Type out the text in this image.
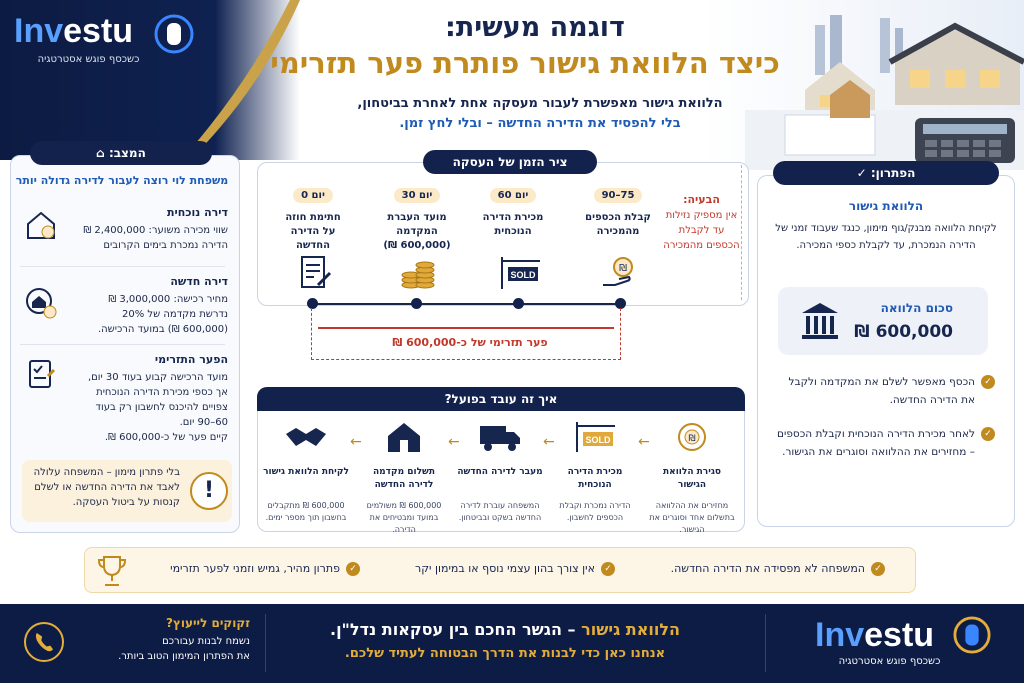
Investu
כשכסף פוגש אסטרטגיה
דוגמה מעשית:
כיצד הלוואת גישור פותרת פער תזרימי
הלוואת גישור מאפשרת לעבור מעסקה אחת לאחרת בביטחון,
בלי להפסיד את הדירה החדשה – ובלי לחץ זמן.
המצב: ⌂
משפחת לוי רוצה לעבור לדירה גדולה יותר
דירה נוכחית
שווי מכירה משוער: 2,400,000 ₪
הדירה נמכרת בימים הקרובים
דירה חדשה
מחיר רכישה: 3,000,000 ₪
נדרשת מקדמה של 20%
(600,000 ₪) במועד הרכישה.
הפער התזרימי
מועד הרכישה קבוע בעוד 30 יום,
אך כספי מכירת הדירה הנוכחית
צפויים להיכנס לחשבון רק בעוד
60–90 יום.
קיים פער של כ-600,000 ₪.
בלי פתרון מימון – המשפחה עלולה לאבד את הדירה החדשה או לשלם קנסות על ביטול העסקה.	!
ציר הזמן של העסקה
הבעיה:
אין מספיק נזילות עד לקבלת הכספים מהמכירה
יום 0
חתימת חוזה
על הדירה
החדשה
יום 30
מועד העברת
המקדמה
(600,000 ₪)
יום 60
מכירת הדירה
הנוכחית
75–90
קבלת הכספים
מהמכירה
SOLD
₪
פער תזרימי של כ-600,000 ₪
איך זה עובד בפועל?
לקיחת הלוואת גישור
600,000 ₪ מתקבלים בחשבון תוך מספר ימים.
←
תשלום מקדמה לדירה החדשה
600,000 ₪ משולמים במועד ומבטיחים את הדירה.
←
מעבר לדירה החדשה
המשפחה עוברת לדירה החדשה בשקט ובביטחון.
←	SOLD
מכירת הדירה הנוכחית
הדירה נמכרת וקבלת הכספים לחשבון.
←	₪
סגירת הלוואת הגישור
מחזירים את ההלוואה בתשלום אחד וסוגרים את הגישור.
הפתרון: ✓
הלוואת גישור
לקיחת הלוואה מבנק/גוף מימון, כנגד שעבוד זמני של הדירה הנמכרת, עד לקבלת כספי המכירה.
סכום הלוואה
600,000 ₪
✓
הכסף מאפשר לשלם את המקדמה ולקבל את הדירה החדשה.
✓
לאחר מכירת הדירה הנוכחית וקבלת הכספים – מחזירים את ההלוואה וסוגרים את הגישור.
✓המשפחה לא מפסידה את הדירה החדשה.
✓אין צורך בהון עצמי נוסף או במימון יקר
✓פתרון מהיר, גמיש וזמני לפער תזרימי
הלוואת גישור – הגשר החכם בין עסקאות נדל"ן.
אנחנו כאן כדי לבנות את הדרך הבטוחה לעתיד שלכם.
זקוקים לייעוץ?
נשמח לבנות עבורכם
את הפתרון המימון הטוב ביותר.
Investu
כשכסף פוגש אסטרטגיה
